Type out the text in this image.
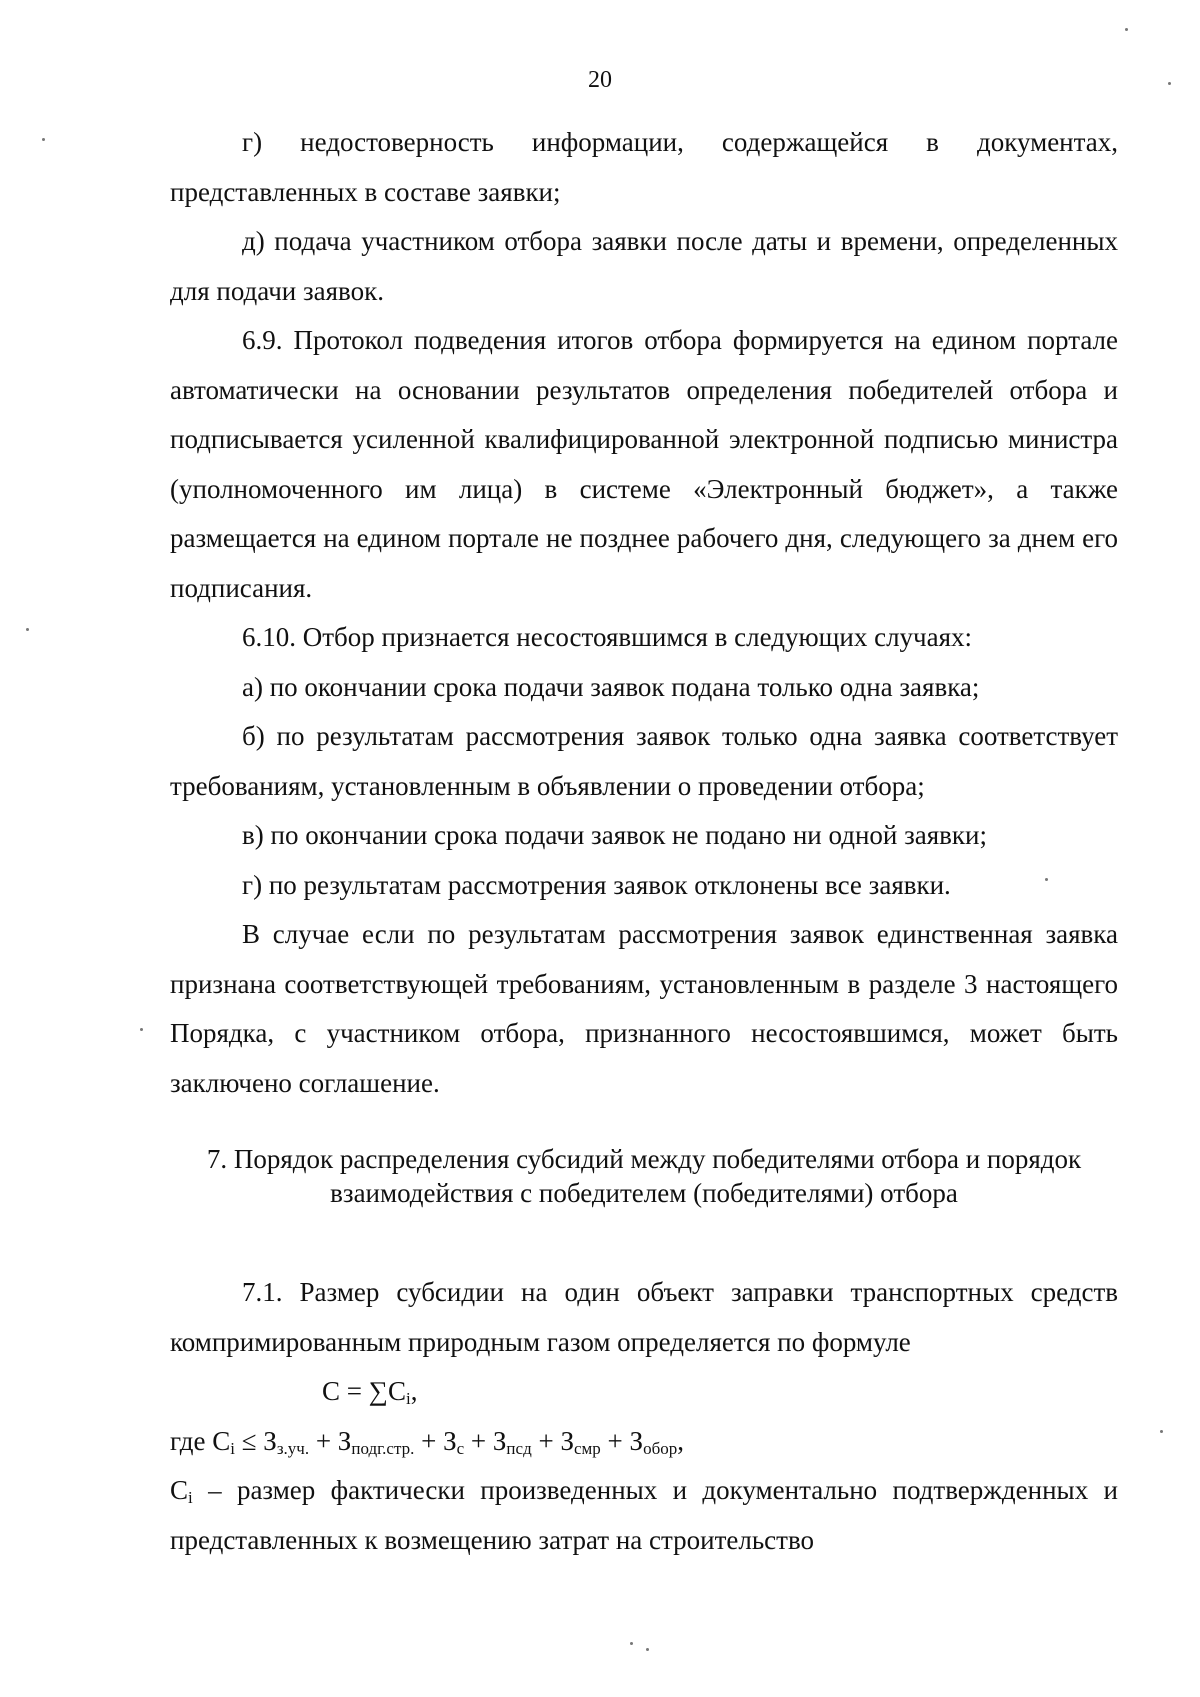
20

г) недостоверность информации, содержащейся в документах, представленных в составе заявки;

д) подача участником отбора заявки после даты и времени, определенных для подачи заявок.

6.9. Протокол подведения итогов отбора формируется на едином портале автоматически на основании результатов определения победителей отбора и подписывается усиленной квалифицированной электронной подписью министра (уполномоченного им лица) в системе «Электронный бюджет», а также размещается на едином портале не позднее рабочего дня, следующего за днем его подписания.

6.10. Отбор признается несостоявшимся в следующих случаях:

а) по окончании срока подачи заявок подана только одна заявка;

б) по результатам рассмотрения заявок только одна заявка соответствует требованиям, установленным в объявлении о проведении отбора;

в) по окончании срока подачи заявок не подано ни одной заявки;

г) по результатам рассмотрения заявок отклонены все заявки.

В случае если по результатам рассмотрения заявок единственная заявка признана соответствующей требованиям, установленным в разделе 3 настоящего Порядка, с участником отбора, признанного несостоявшимся, может быть заключено соглашение.

7. Порядок распределения субсидий между победителями отбора и порядок взаимодействия с победителем (победителями) отбора

7.1. Размер субсидии на один объект заправки транспортных средств компримированным природным газом определяется по формуле

$C = \sum C_i$,

где $C_i \le З_{з.уч.} + З_{подг.стр.} + З_с + З_{псд} + З_{смр} + З_{обор}$,

$C_i$ – размер фактически произведенных и документально подтвержденных и представленных к возмещению затрат на строительство
